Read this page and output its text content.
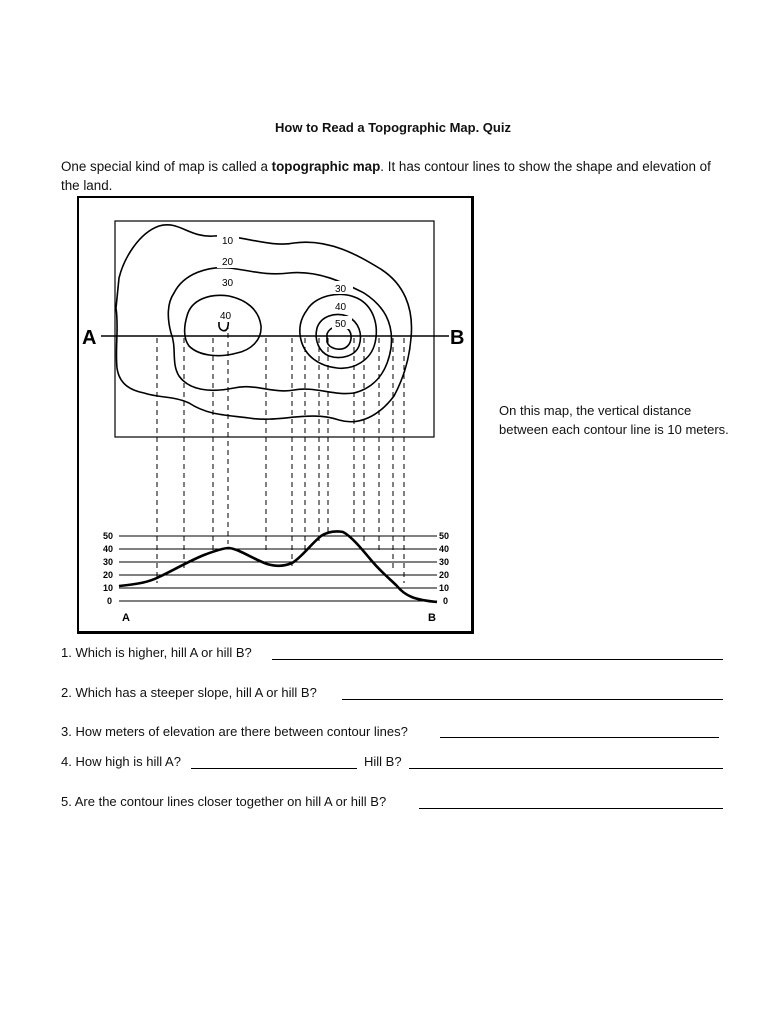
How to Read a Topographic Map. Quiz
One special kind of map is called a topographic map. It has contour lines to show the shape and elevation of the land.
10
20
30
40
30
40
50
A	B
50
40
30
20
10
0
50
40
30
20
10
0
A	B
On this map, the vertical distance between each contour line is 10 meters.
1. Which is higher, hill A or hill B?
2. Which has a steeper slope, hill A or hill B?
3. How meters of elevation are there between contour lines?
4. How high is hill A?	Hill B?
5. Are the contour lines closer together on hill A or hill B?
